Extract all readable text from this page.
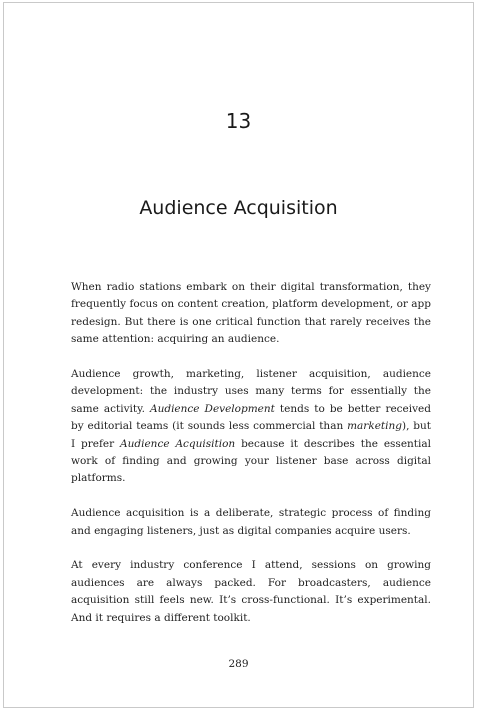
13
Audience Acquisition

When radio stations embark on their digital transformation, they frequently focus on content creation, platform development, or app redesign. But there is one critical function that rarely receives the same attention: acquiring an audience.

Audience growth, marketing, listener acquisition, audience development: the industry uses many terms for essentially the same activity. Audience Development tends to be better received by editorial teams (it sounds less commercial than marketing), but I prefer Audience Acquisition because it describes the essential work of finding and growing your listener base across digital platforms.

Audience acquisition is a deliberate, strategic process of finding and engaging listeners, just as digital companies acquire users.

At every industry conference I attend, sessions on growing audiences are always packed. For broadcasters, audience acquisition still feels new. It’s cross-functional. It’s experimental. And it requires a different toolkit.

289
